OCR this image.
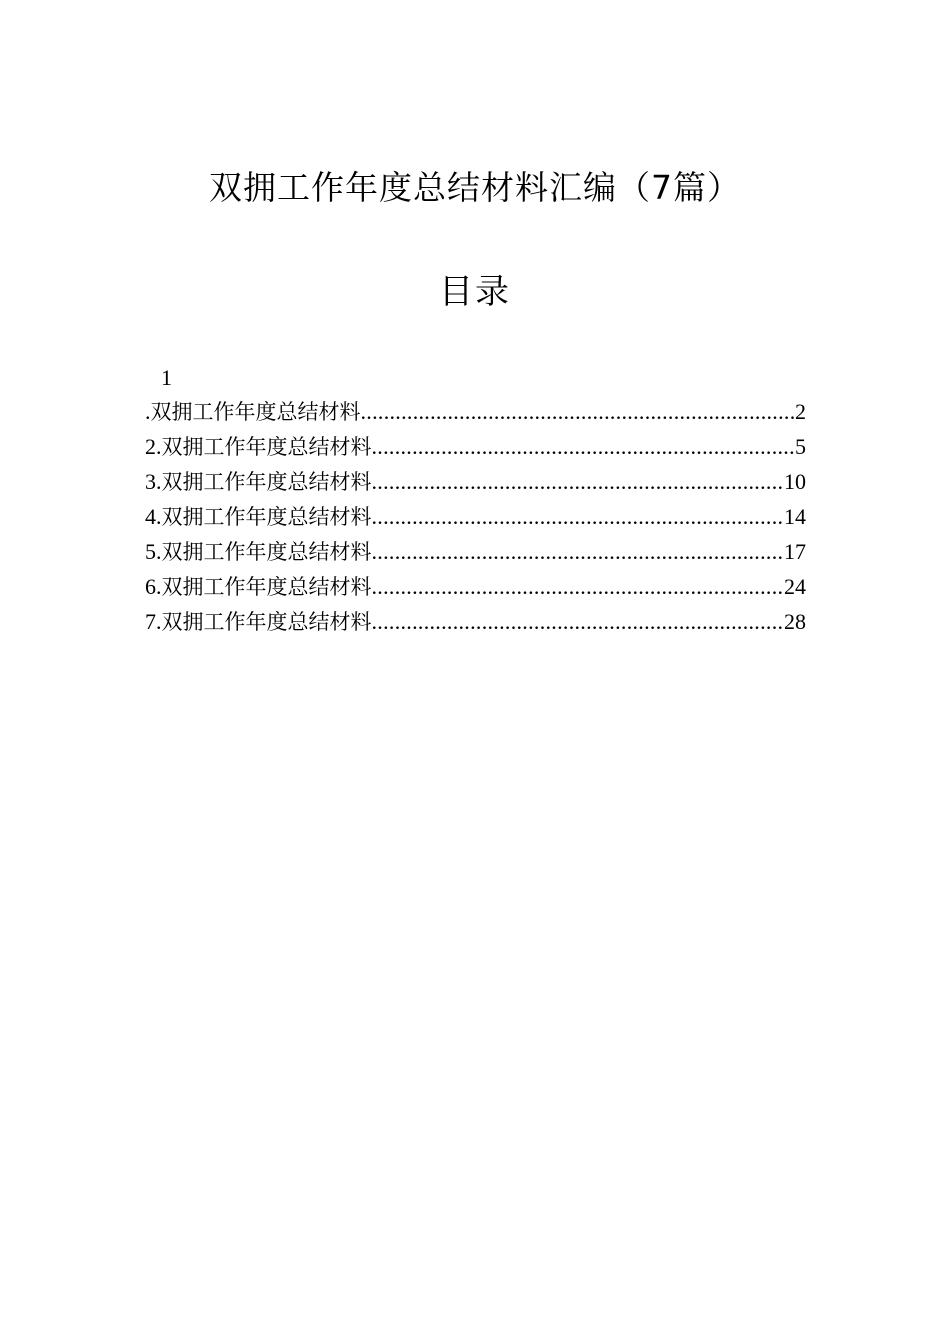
双拥工作年度总结材料汇编（7篇）
目录
1
. 双拥工作年度总结材料 .....	2
2. 双拥工作年度总结材料 .....	5
3. 双拥工作年度总结材料 .....	10
4. 双拥工作年度总结材料 .....	14
5. 双拥工作年度总结材料 .....	17
6. 双拥工作年度总结材料 .....	24
7. 双拥工作年度总结材料 .....	28
